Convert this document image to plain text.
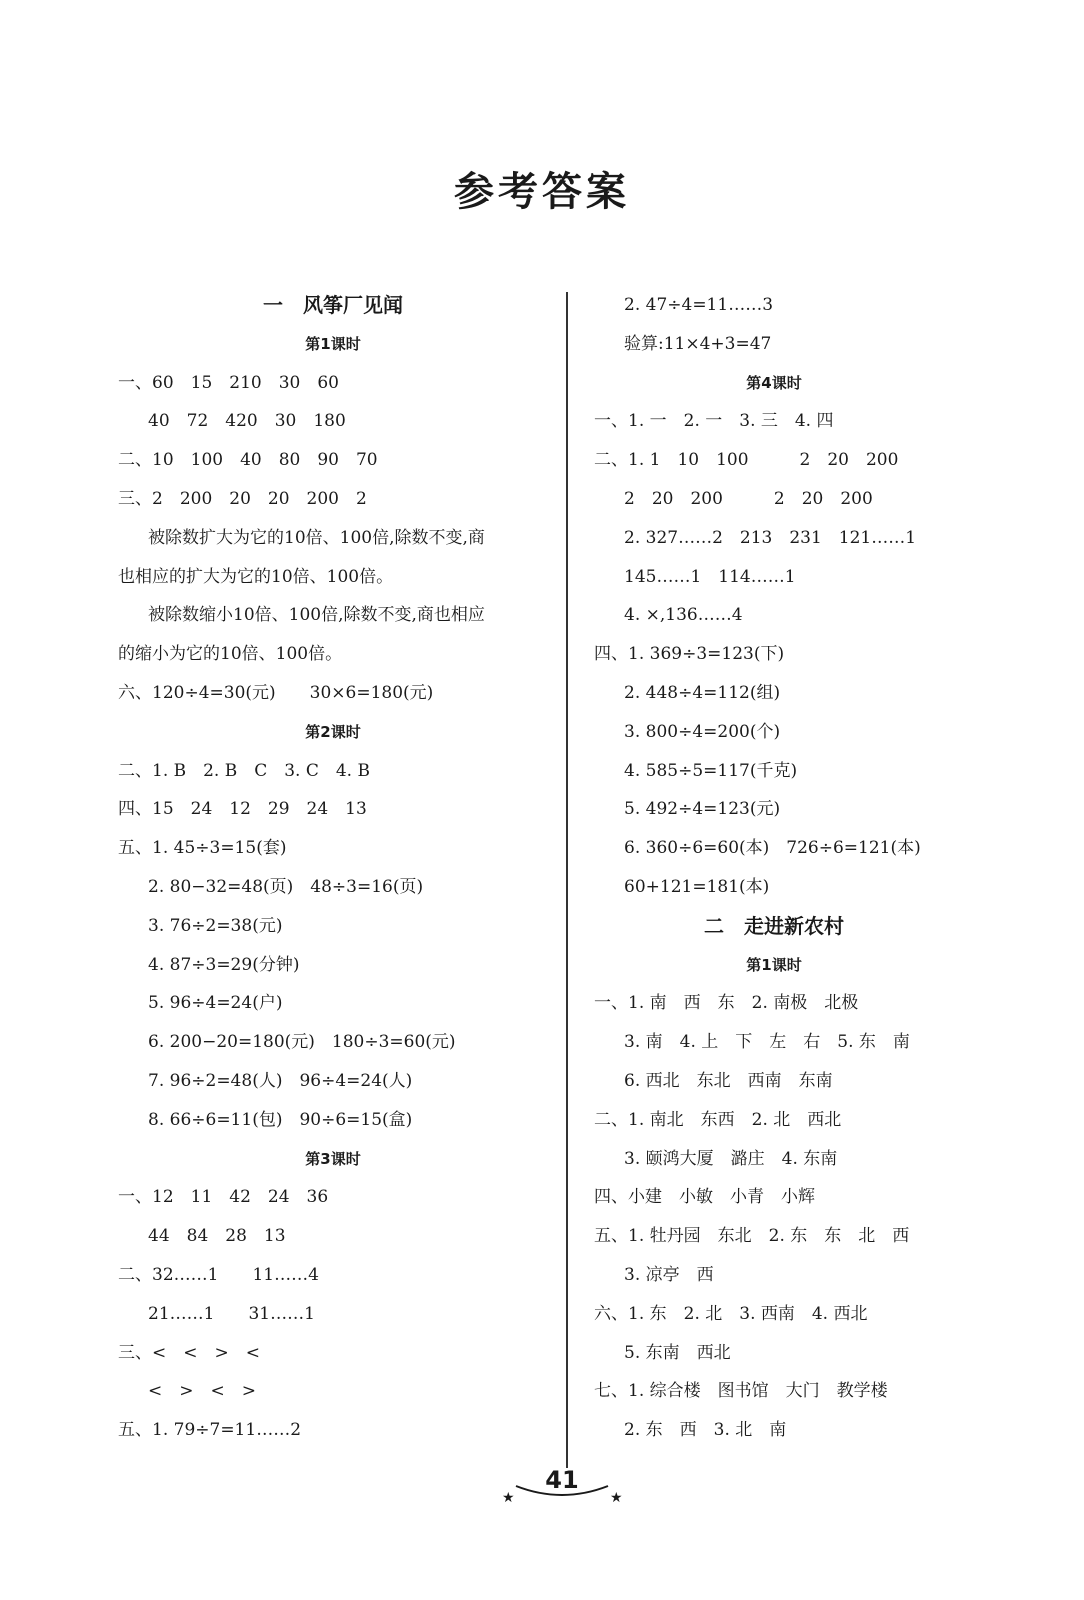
参考答案
一　风筝厂见闻
第1课时
一、60　15　210　30　60
40　72　420　30　180
二、10　100　40　80　90　70
三、2　200　20　20　200　2
被除数扩大为它的10倍、100倍,除数不变,商
也相应的扩大为它的10倍、100倍。
被除数缩小10倍、100倍,除数不变,商也相应
的缩小为它的10倍、100倍。
六、120÷4=30(元)　　30×6=180(元)
第2课时
二、1. B　2. B　C　3. C　4. B
四、15　24　12　29　24　13
五、1. 45÷3=15(套)
2. 80−32=48(页)　48÷3=16(页)
3. 76÷2=38(元)
4. 87÷3=29(分钟)
5. 96÷4=24(户)
6. 200−20=180(元)　180÷3=60(元)
7. 96÷2=48(人)　96÷4=24(人)
8. 66÷6=11(包)　90÷6=15(盒)
第3课时
一、12　11　42　24　36
44　84　28　13
二、32……1　　11……4
21……1　　31……1
三、<　<　>　<
<　>　<　>
五、1. 79÷7=11……2
2. 47÷4=11……3
验算:11×4+3=47
第4课时
一、1. 一　2. 一　3. 三　4. 四
二、1. 1　10　100　　　2　20　200
2　20　200　　　2　20　200
2. 327……2　213　231　121……1
145……1　114……1
4. ×,136……4
四、1. 369÷3=123(下)
2. 448÷4=112(组)
3. 800÷4=200(个)
4. 585÷5=117(千克)
5. 492÷4=123(元)
6. 360÷6=60(本)　726÷6=121(本)
60+121=181(本)
二　走进新农村
第1课时
一、1. 南　西　东　2. 南极　北极
3. 南　4. 上　下　左　右　5. 东　南
6. 西北　东北　西南　东南
二、1. 南北　东西　2. 北　西北
3. 颐鸿大厦　潞庄　4. 东南
四、小建　小敏　小青　小辉
五、1. 牡丹园　东北　2. 东　东　北　西
3. 凉亭　西
六、1. 东　2. 北　3. 西南　4. 西北
5. 东南　西北
七、1. 综合楼　图书馆　大门　教学楼
2. 东　西　3. 北　南
★
41
★
